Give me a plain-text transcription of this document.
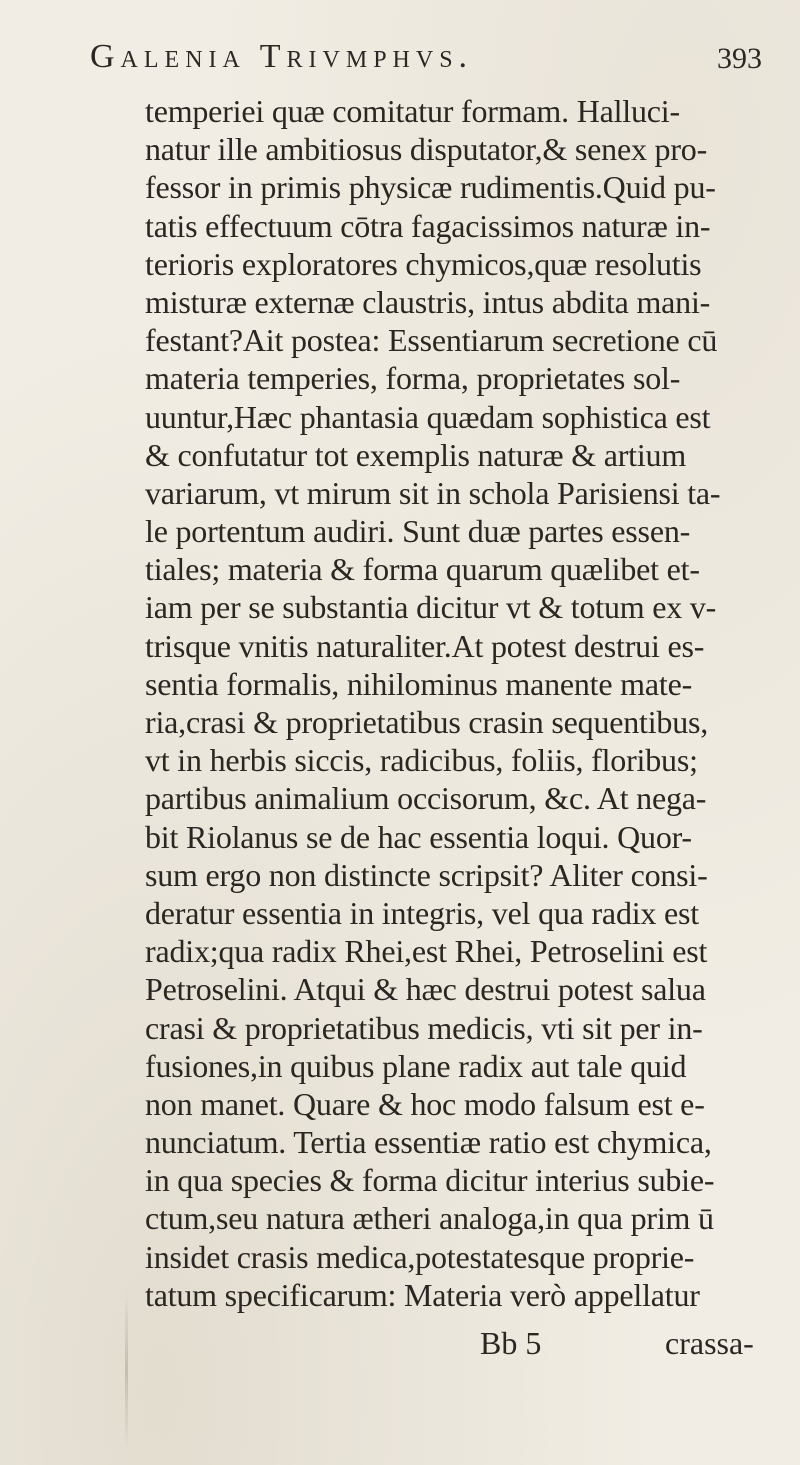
Galenia Trivmphvs.	393
temperiei quæ comitatur formam. Halluci-
natur ille ambitiosus disputator,& senex pro-
fessor in primis physicæ rudimentis.Quid pu-
tatis effectuum cōtra fagacissimos naturæ in-
terioris exploratores chymicos,quæ resolutis
misturæ externæ claustris, intus abdita mani-
festant?Ait postea: Essentiarum secretione cū
materia temperies, forma, proprietates sol-
uuntur,Hæc phantasia quædam sophistica est
& confutatur tot exemplis naturæ & artium
variarum, vt mirum sit in schola Parisiensi ta-
le portentum audiri. Sunt duæ partes essen-
tiales; materia & forma quarum quælibet et-
iam per se substantia dicitur vt & totum ex v-
trisque vnitis naturaliter.At potest destrui es-
sentia formalis, nihilominus manente mate-
ria,crasi & proprietatibus crasin sequentibus,
vt in herbis siccis, radicibus, foliis, floribus;
partibus animalium occisorum, &c. At nega-
bit Riolanus se de hac essentia loqui. Quor-
sum ergo non distincte scripsit? Aliter consi-
deratur essentia in integris, vel qua radix est
radix;qua radix Rhei,est Rhei, Petroselini est
Petroselini. Atqui & hæc destrui potest salua
crasi & proprietatibus medicis, vti sit per in-
fusiones,in quibus plane radix aut tale quid
non manet. Quare & hoc modo falsum est e-
nunciatum. Tertia essentiæ ratio est chymica,
in qua species & forma dicitur interius subie-
ctum,seu natura ætheri analoga,in qua prim ū
insidet crasis medica,potestatesque proprie-
tatum specificarum: Materia verò appellatur
Bb 5	crassa-
